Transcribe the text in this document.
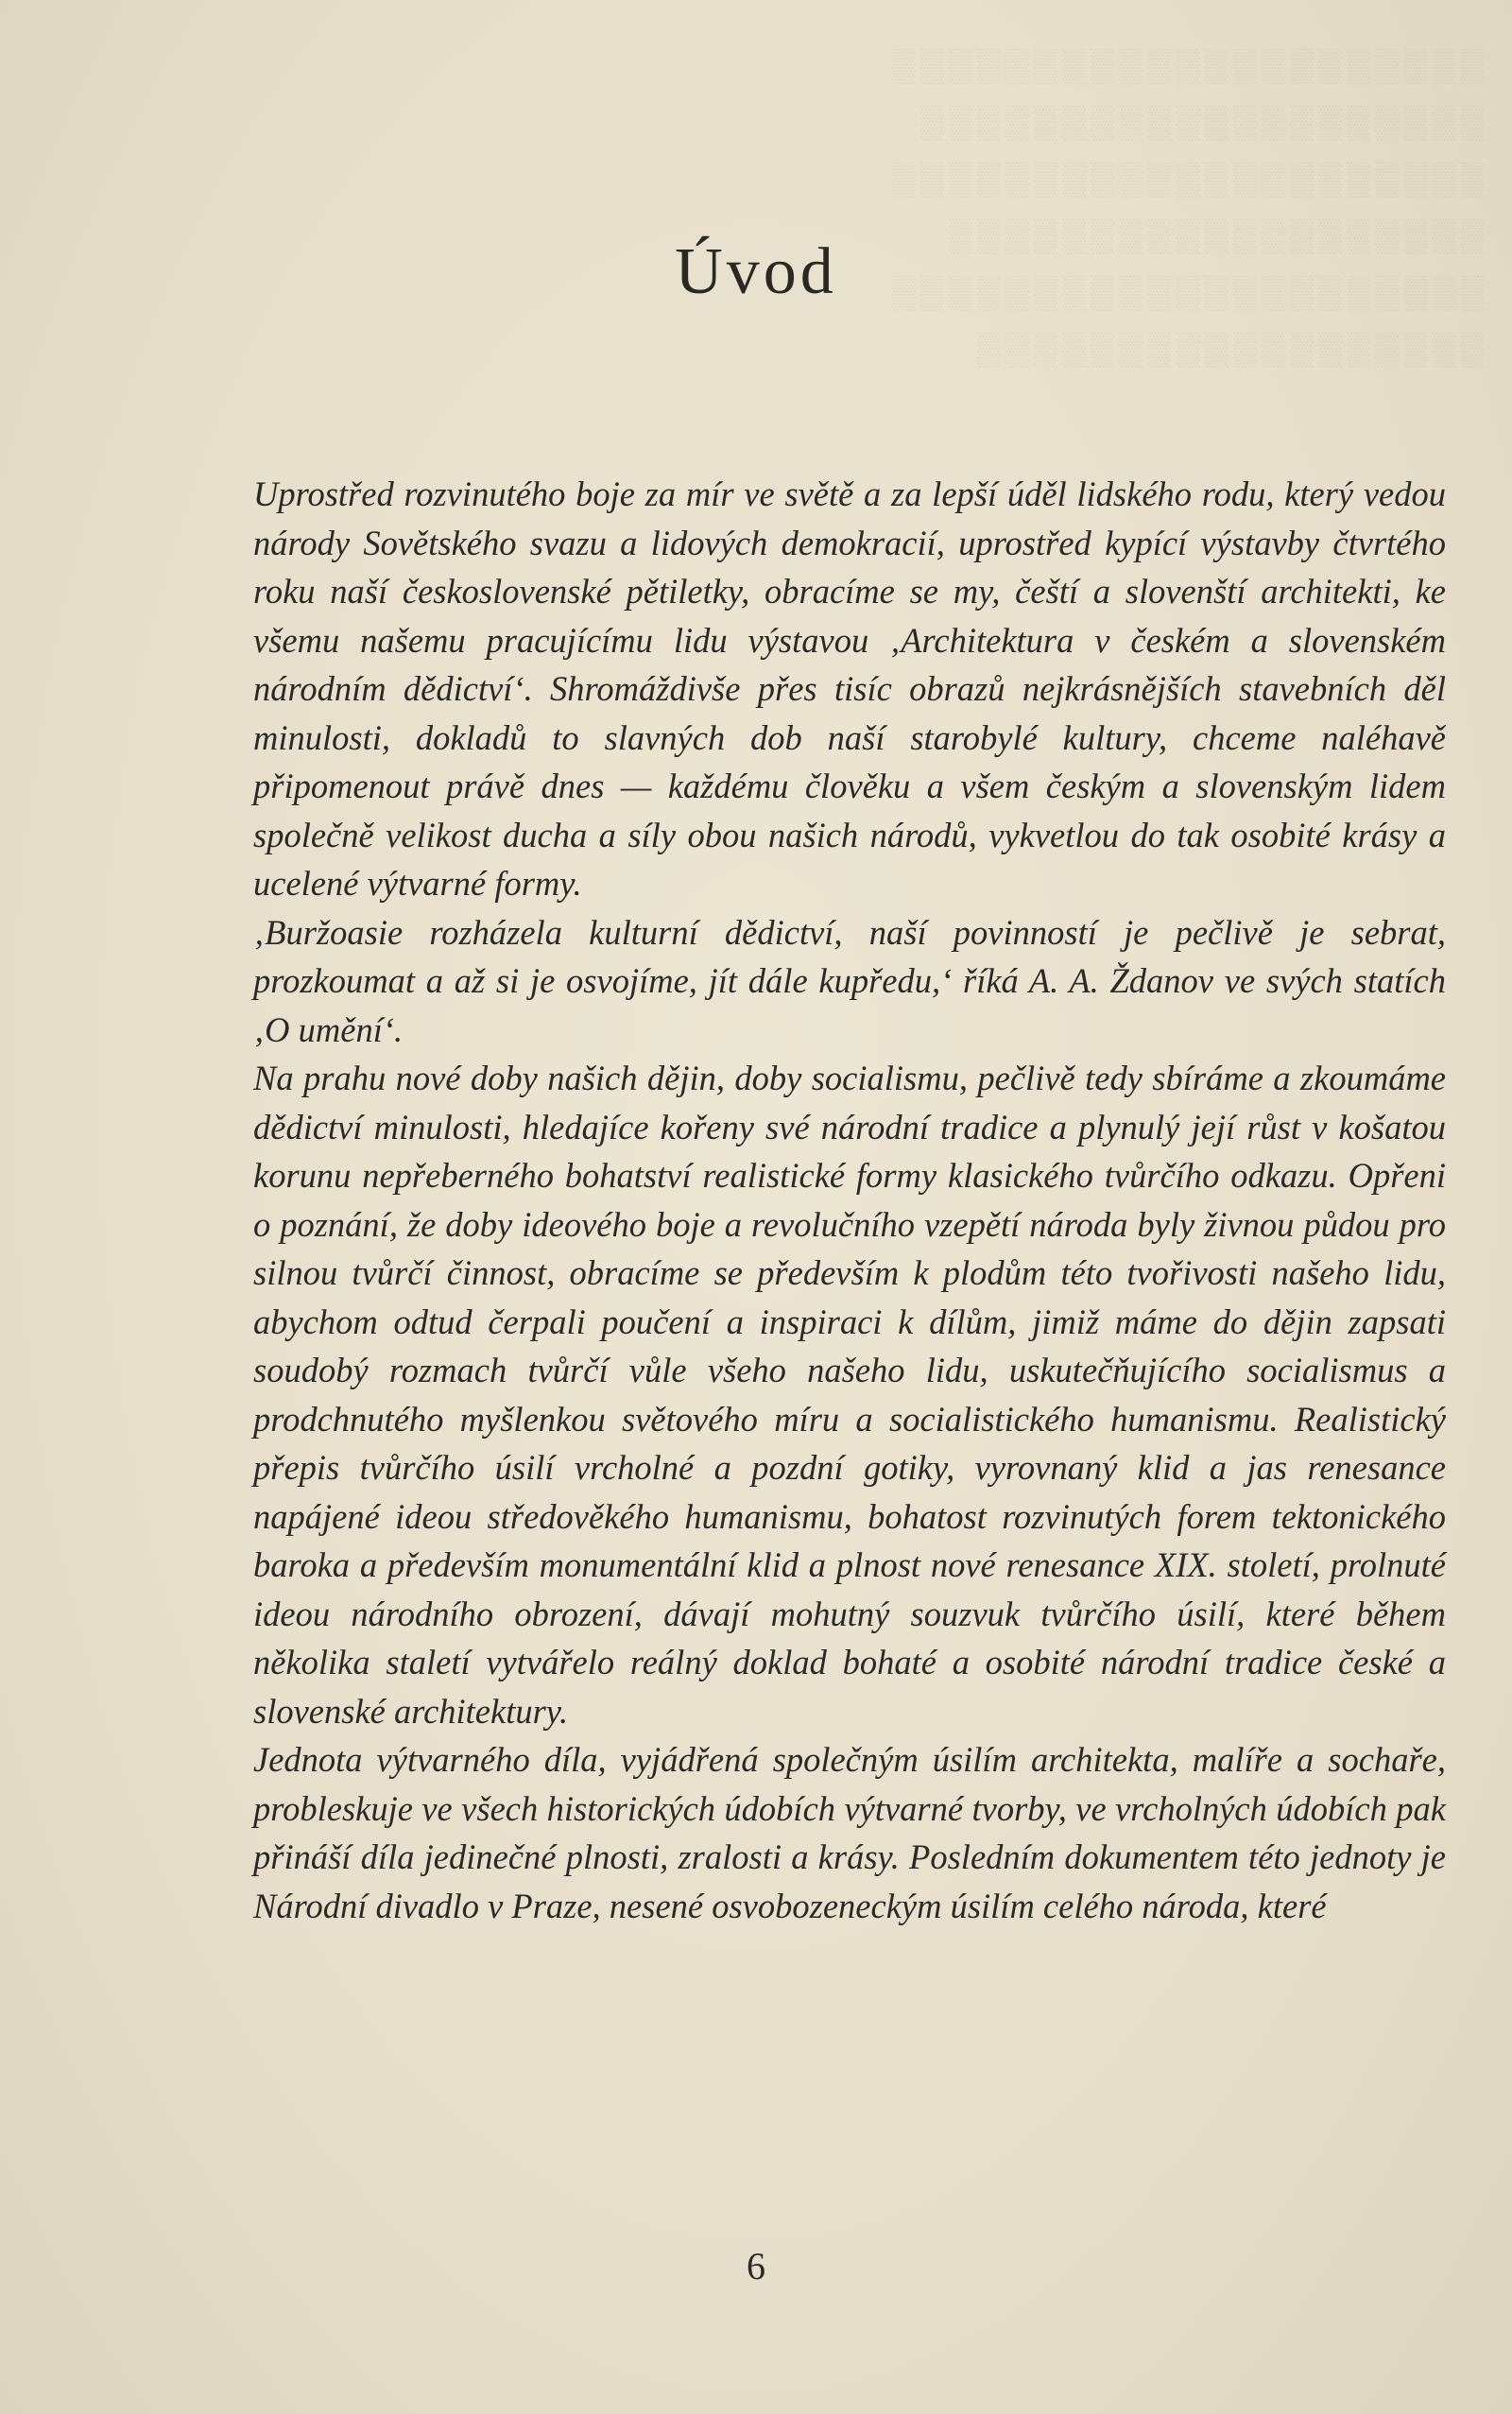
▒▒▒▒▒▒▒▒▒▒▒▒▒▒▒▒▒▒▒▒▒
▒▒▒▒▒▒▒▒▒▒▒▒▒▒▒▒▒▒▒▒
▒▒▒▒▒▒▒▒▒▒▒▒▒▒▒▒▒▒▒▒▒
▒▒▒▒▒▒▒▒▒▒▒▒▒▒▒▒▒▒▒
▒▒▒▒▒▒▒▒▒▒▒▒▒▒▒▒▒▒▒▒▒
▒▒▒▒▒▒▒▒▒▒▒▒▒▒▒▒▒▒
Úvod

Uprostřed rozvinutého boje za mír ve světě a za lepší úděl lidského rodu, který vedou národy Sovětského svazu a lidových demokracií, uprostřed kypící výstavby čtvrtého roku naší československé pětiletky, obracíme se my, čeští a slovenští architekti, ke všemu našemu pracujícímu lidu výstavou ‚Architektura v českém a slovenském národním dědictví‘. Shromáždivše přes tisíc obrazů nejkrásnějších stavebních děl minulosti, dokladů to slavných dob naší starobylé kultury, chceme naléhavě připomenout právě dnes — každému člověku a všem českým a slovenským lidem společně velikost ducha a síly obou našich národů, vykvetlou do tak osobité krásy a ucelené výtvarné formy.

‚Buržoasie rozházela kulturní dědictví, naší povinností je pečlivě je sebrat, prozkoumat a až si je osvojíme, jít dále kupředu,‘ říká A. A. Ždanov ve svých statích ‚O umění‘.

Na prahu nové doby našich dějin, doby socialismu, pečlivě tedy sbíráme a zkoumáme dědictví minulosti, hledajíce kořeny své národní tradice a plynulý její růst v košatou korunu nepřeberného bohatství realistické formy klasického tvůrčího odkazu. Opřeni o poznání, že doby ideového boje a revolučního vzepětí národa byly živnou půdou pro silnou tvůrčí činnost, obracíme se především k plodům této tvořivosti našeho lidu, abychom odtud čerpali poučení a inspiraci k dílům, jimiž máme do dějin zapsati soudobý rozmach tvůrčí vůle všeho našeho lidu, uskutečňujícího socialismus a prodchnutého myšlenkou světového míru a socialistického humanismu. Realistický přepis tvůrčího úsilí vrcholné a pozdní gotiky, vyrovnaný klid a jas renesance napájené ideou středověkého humanismu, bohatost rozvinutých forem tektonického baroka a především monumentální klid a plnost nové renesance XIX. století, prolnuté ideou národního obrození, dávají mohutný souzvuk tvůrčího úsilí, které během několika staletí vytvářelo reálný doklad bohaté a osobité národní tradice české a slovenské architektury.

Jednota výtvarného díla, vyjádřená společným úsilím architekta, malíře a sochaře, probleskuje ve všech historických údobích výtvarné tvorby, ve vrcholných údobích pak přináší díla jedinečné plnosti, zralosti a krásy. Posledním dokumentem této jednoty je Národní divadlo v Praze, nesené osvobozeneckým úsilím celého národa, které

6
